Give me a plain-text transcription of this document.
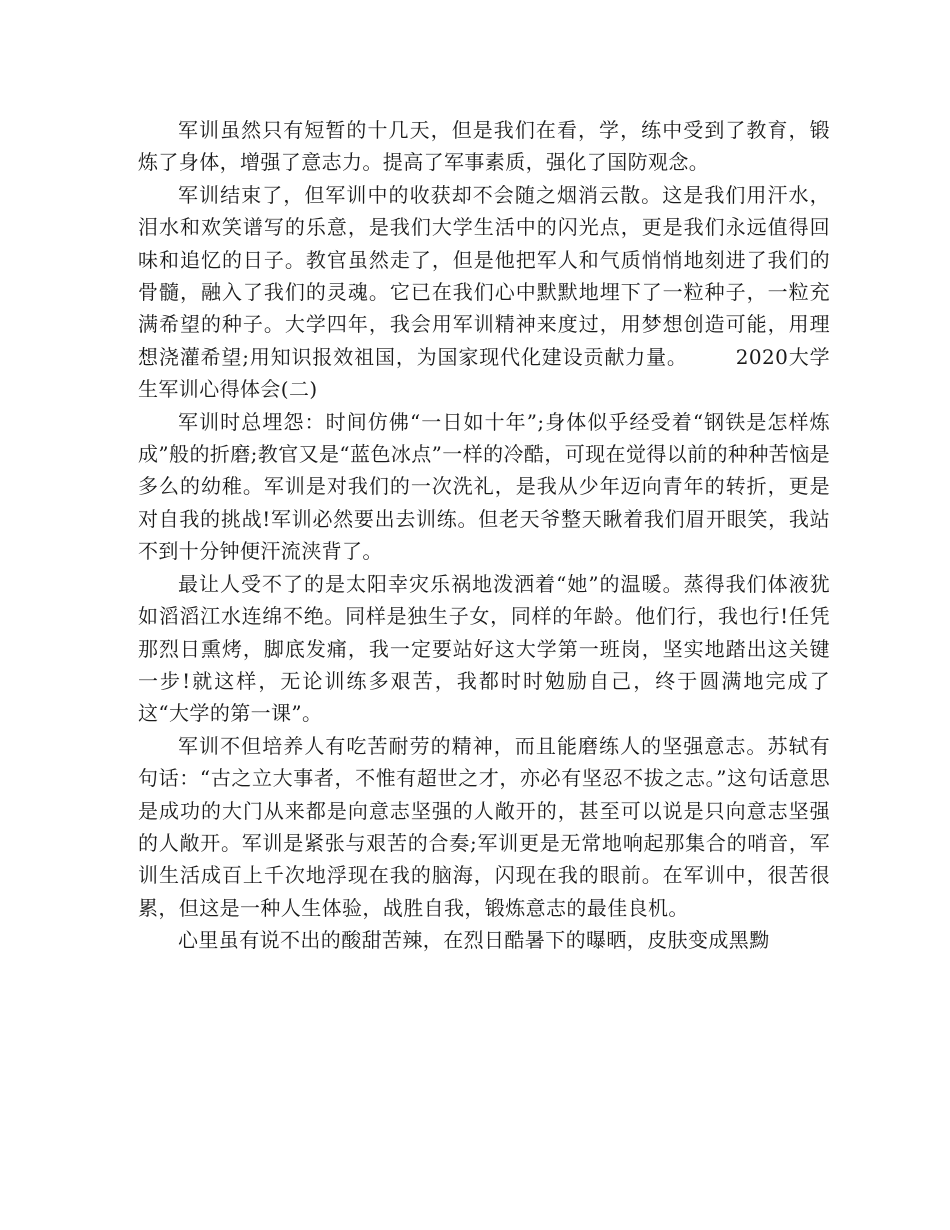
军训虽然只有短暂的十几天，但是我们在看，学，练中受到了教育，锻炼了身体，增强了意志力。提高了军事素质，强化了国防观念。

军训结束了，但军训中的收获却不会随之烟消云散。这是我们用汗水，泪水和欢笑谱写的乐意，是我们大学生活中的闪光点，更是我们永远值得回味和追忆的日子。教官虽然走了，但是他把军人和气质悄悄地刻进了我们的骨髓，融入了我们的灵魂。它已在我们心中默默地埋下了一粒种子，一粒充满希望的种子。大学四年，我会用军训精神来度过，用梦想创造可能，用理想浇灌希望;用知识报效祖国，为国家现代化建设贡献力量。 2020大学生军训心得体会(二)

军训时总埋怨：时间仿佛“一日如十年”;身体似乎经受着“钢铁是怎样炼成”般的折磨;教官又是“蓝色冰点”一样的冷酷，可现在觉得以前的种种苦恼是多么的幼稚。军训是对我们的一次洗礼，是我从少年迈向青年的转折，更是对自我的挑战!军训必然要出去训练。但老天爷整天瞅着我们眉开眼笑，我站不到十分钟便汗流浃背了。

最让人受不了的是太阳幸灾乐祸地泼洒着“她”的温暖。蒸得我们体液犹如滔滔江水连绵不绝。同样是独生子女，同样的年龄。他们行，我也行!任凭那烈日熏烤，脚底发痛，我一定要站好这大学第一班岗，坚实地踏出这关键一步!就这样，无论训练多艰苦，我都时时勉励自己，终于圆满地完成了这“大学的第一课”。

军训不但培养人有吃苦耐劳的精神，而且能磨练人的坚强意志。苏轼有句话：“古之立大事者，不惟有超世之才，亦必有坚忍不拔之志。”这句话意思是成功的大门从来都是向意志坚强的人敞开的，甚至可以说是只向意志坚强的人敞开。军训是紧张与艰苦的合奏;军训更是无常地响起那集合的哨音，军训生活成百上千次地浮现在我的脑海，闪现在我的眼前。在军训中，很苦很累，但这是一种人生体验，战胜自我，锻炼意志的最佳良机。

心里虽有说不出的酸甜苦辣，在烈日酷暑下的曝晒，皮肤变成黑黝
